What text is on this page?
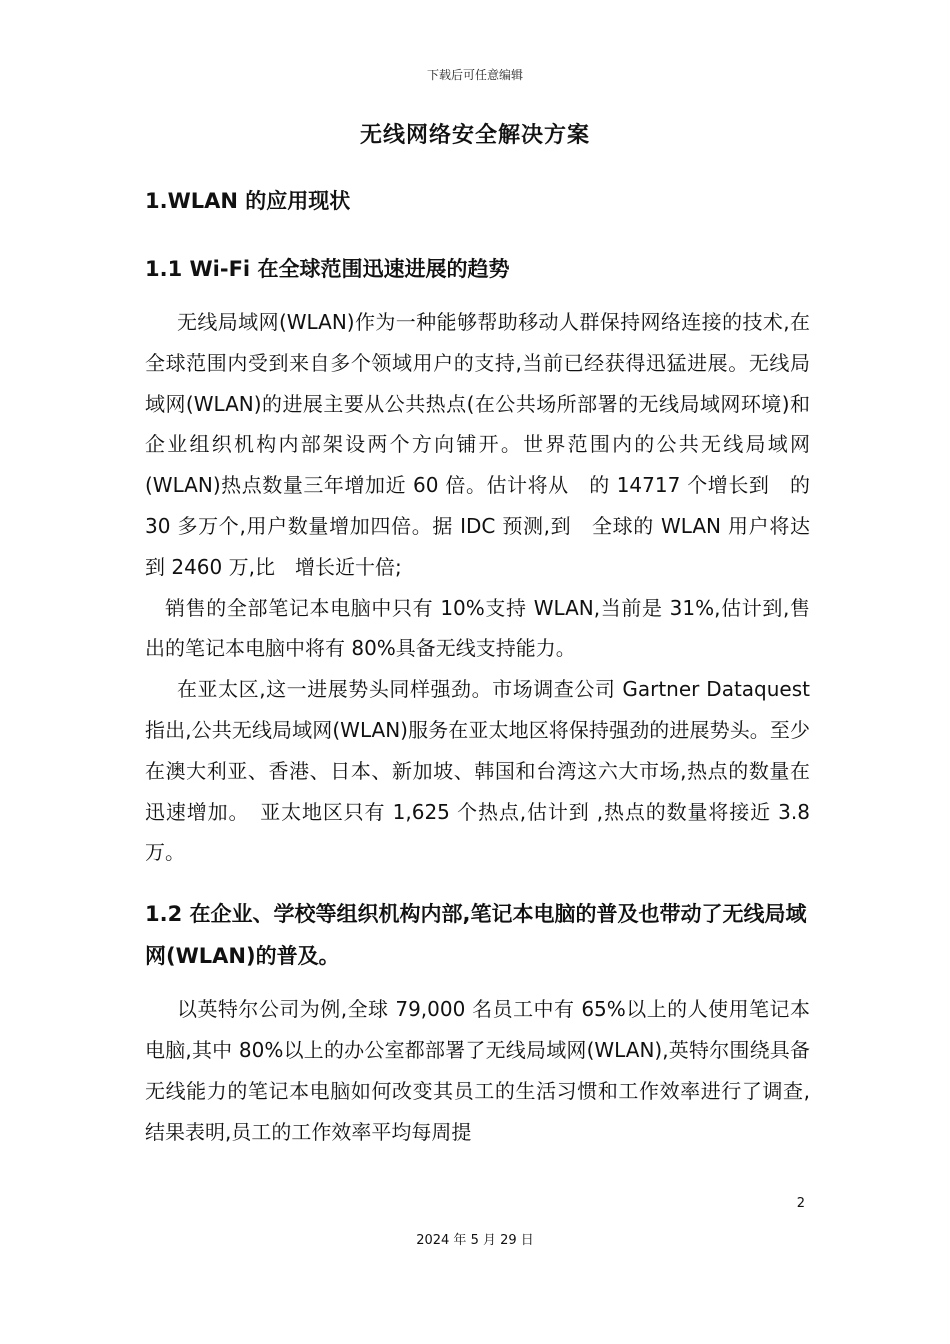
下载后可任意编辑
无线网络安全解决方案
1.WLAN 的应用现状
1.1 Wi-Fi 在全球范围迅速进展的趋势

无线局域网(WLAN)作为一种能够帮助移动人群保持网络连接的技术,在全球范围内受到来自多个领域用户的支持,当前已经获得迅猛进展。无线局域网(WLAN)的进展主要从公共热点(在公共场所部署的无线局域网环境)和企业组织机构内部架设两个方向铺开。世界范围内的公共无线局域网(WLAN)热点数量三年增加近 60 倍。估计将从　的 14717 个增长到　的 30 多万个,用户数量增加四倍。据 IDC 预测,到　全球的 WLAN 用户将达到 2460 万,比　增长近十倍;

销售的全部笔记本电脑中只有 10%支持 WLAN,当前是 31%,估计到,售出的笔记本电脑中将有 80%具备无线支持能力。

在亚太区,这一进展势头同样强劲。市场调查公司 Gartner Dataquest 指出,公共无线局域网(WLAN)服务在亚太地区将保持强劲的进展势头。至少在澳大利亚、香港、日本、新加坡、韩国和台湾这六大市场,热点的数量在迅速增加。　亚太地区只有 1,625 个热点,估计到 ,热点的数量将接近 3.8 万。

1.2 在企业、学校等组织机构内部,笔记本电脑的普及也带动了无线局域网(WLAN)的普及。

以英特尔公司为例,全球 79,000 名员工中有 65%以上的人使用笔记本电脑,其中 80%以上的办公室都部署了无线局域网(WLAN),英特尔围绕具备无线能力的笔记本电脑如何改变其员工的生活习惯和工作效率进行了调查,结果表明,员工的工作效率平均每周提

2
2024 年 5 月 29 日
